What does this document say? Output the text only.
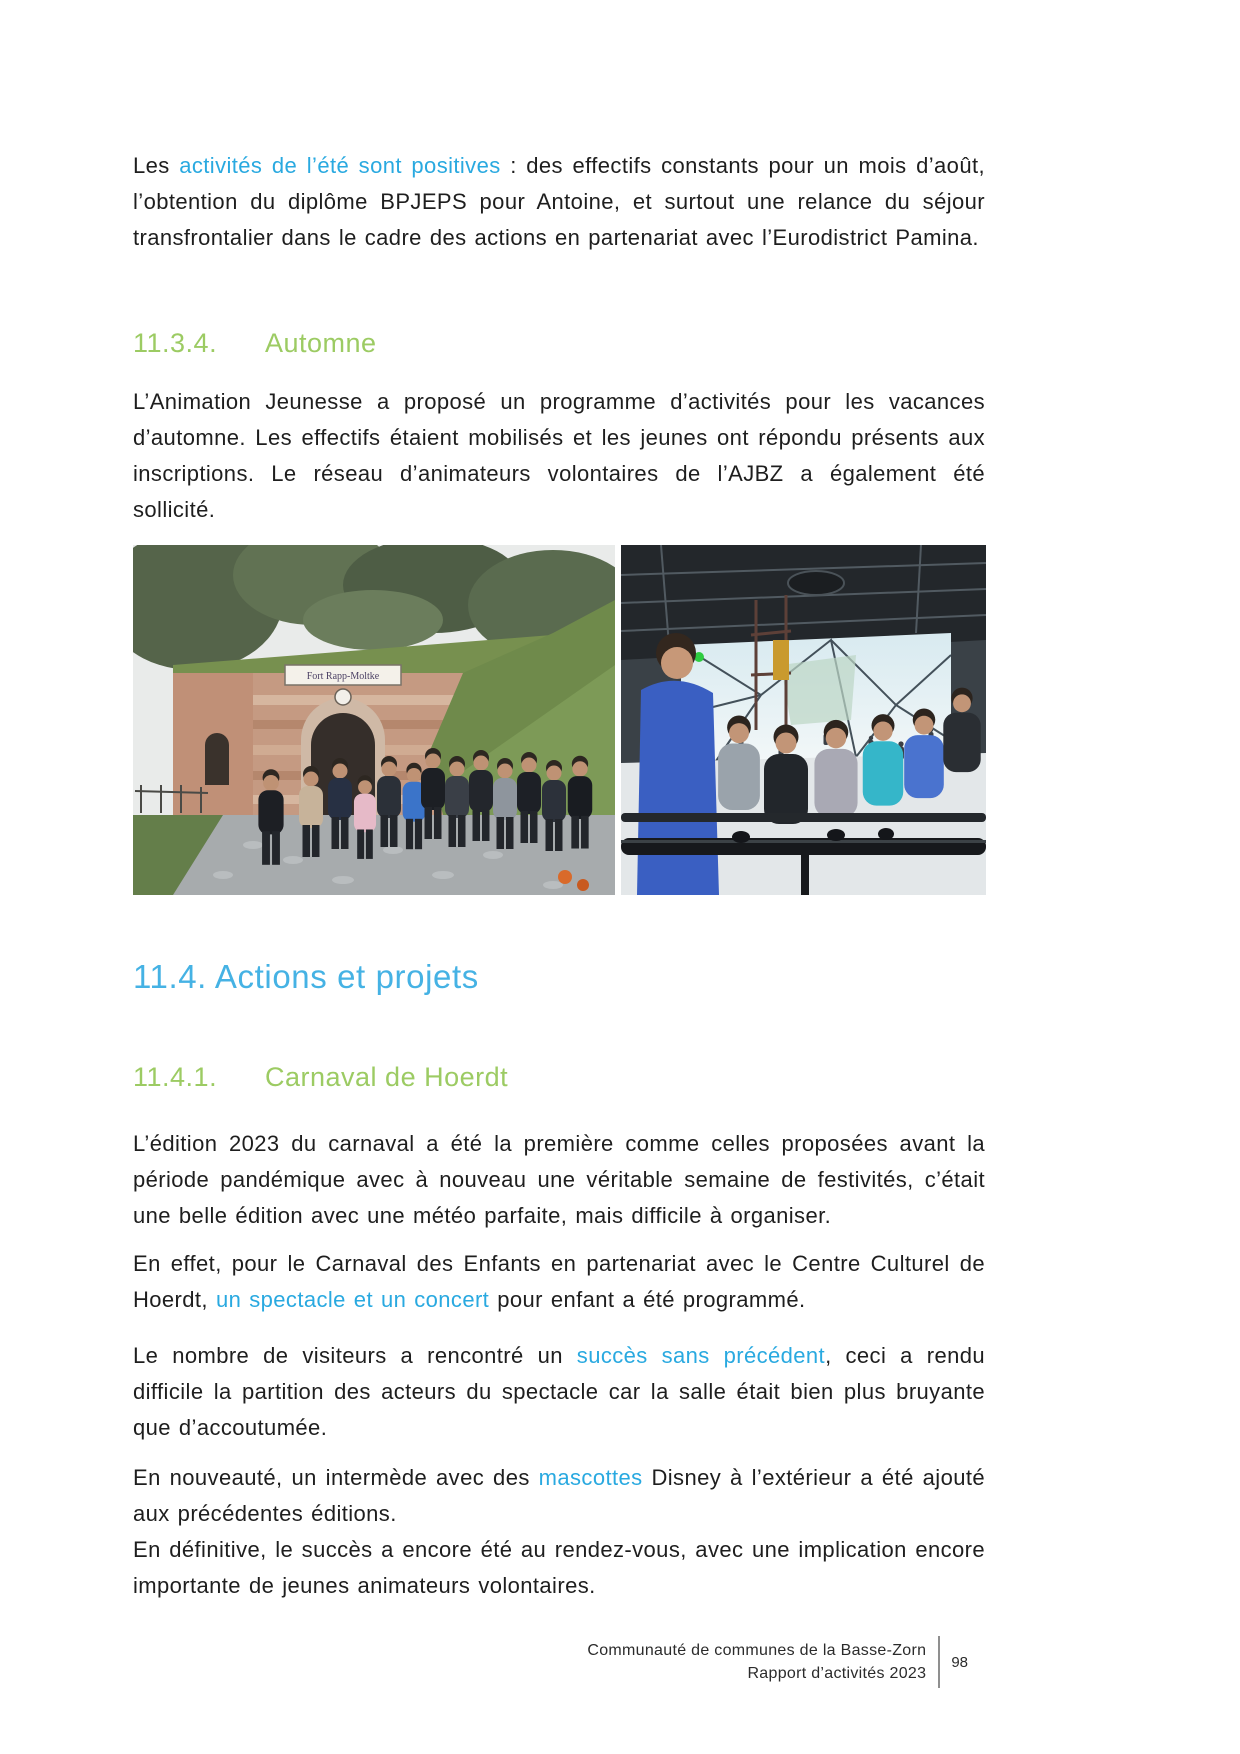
Les activités de l’été sont positives : des effectifs constants pour un mois d’août, l’obtention du diplôme BPJEPS pour Antoine, et surtout une relance du séjour transfrontalier dans le cadre des actions en partenariat avec l’Eurodistrict Pamina.

11.3.4. Automne

L’Animation Jeunesse a proposé un programme d’activités pour les vacances d’automne. Les effectifs étaient mobilisés et les jeunes ont répondu présents aux inscriptions. Le réseau d’animateurs volontaires de l’AJBZ a également été sollicité.

Fort Rapp-Moltke
11.4. Actions et projets
11.4.1. Carnaval de Hoerdt

L’édition 2023 du carnaval a été la première comme celles proposées avant la période pandémique avec à nouveau une véritable semaine de festivités, c’était une belle édition avec une météo parfaite, mais difficile à organiser.

En effet, pour le Carnaval des Enfants en partenariat avec le Centre Culturel de Hoerdt, un spectacle et un concert pour enfant a été programmé.

Le nombre de visiteurs a rencontré un succès sans précédent, ceci a rendu difficile la partition des acteurs du spectacle car la salle était bien plus bruyante que d’accoutumée.

En nouveauté, un intermède avec des mascottes Disney à l’extérieur a été ajouté aux précédentes éditions.

En définitive, le succès a encore été au rendez-vous, avec une implication encore importante de jeunes animateurs volontaires.

Communauté de communes de la Basse-Zorn
Rapport d’activités 2023
98
